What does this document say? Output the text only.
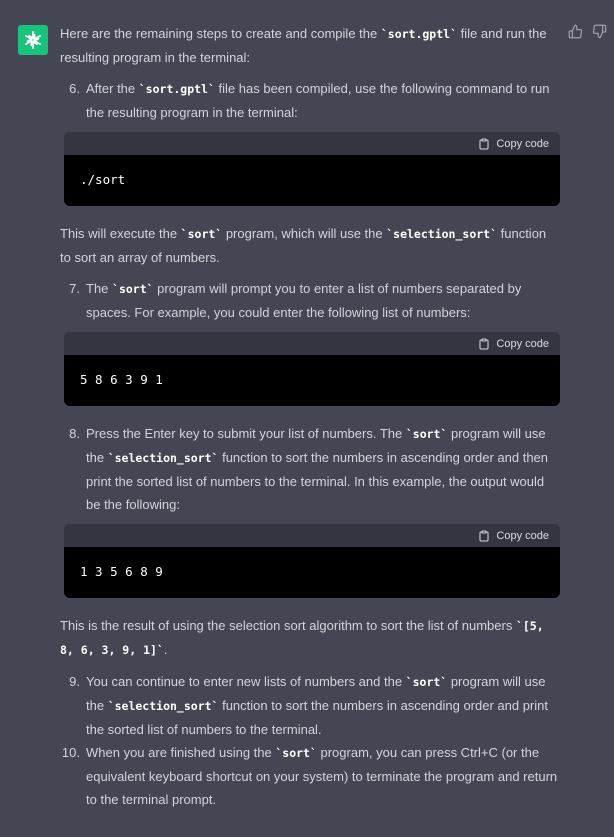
Here are the remaining steps to create and compile the `sort.gptl` file and run the resulting program in the terminal:
6. After the `sort.gptl` file has been compiled, use the following command to run the resulting program in the terminal:
Copy code
./sort
This will execute the `sort` program, which will use the `selection_sort` function to sort an array of numbers.
7. The `sort` program will prompt you to enter a list of numbers separated by spaces. For example, you could enter the following list of numbers:
Copy code
5 8 6 3 9 1
8. Press the Enter key to submit your list of numbers. The `sort` program will use the `selection_sort` function to sort the numbers in ascending order and then print the sorted list of numbers to the terminal. In this example, the output would be the following:
Copy code
1 3 5 6 8 9
This is the result of using the selection sort algorithm to sort the list of numbers `[5, 8, 6, 3, 9, 1]`.
9. You can continue to enter new lists of numbers and the `sort` program will use the `selection_sort` function to sort the numbers in ascending order and print the sorted list of numbers to the terminal.
10. When you are finished using the `sort` program, you can press Ctrl+C (or the equivalent keyboard shortcut on your system) to terminate the program and return to the terminal prompt.
